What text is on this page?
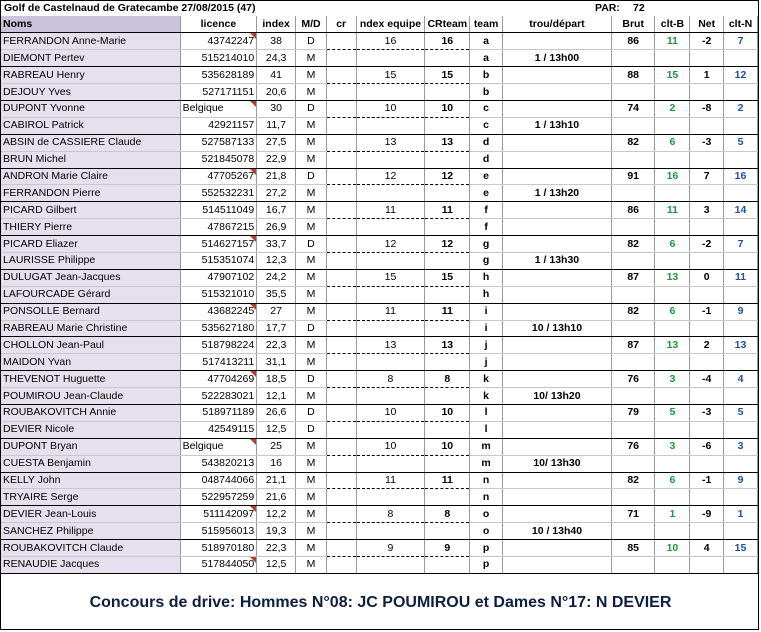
Golf de Castelnaud de Gratecambe 27/08/2015 (47)	PAR: 72
Noms	licence	index	M/D	cr	ndex equipe	CRteam	team	trou/départ	Brut	clt-B	Net	clt-N
FERRANDON Anne-Marie	43742247	38	D		16	16	a		86	11	-2	7
DIEMONT Pertev	515214010	24,3	M				a	1 / 13h00				
RABREAU Henry	535628189	41	M		15	15	b		88	15	1	12
DEJOUY Yves	527171151	20,6	M				b					
DUPONT Yvonne	Belgique	30	D		10	10	c		74	2	-8	2
CABIROL Patrick	42921157	11,7	M				c	1 / 13h10				
ABSIN de CASSIERE Claude	527587133	27,5	M		13	13	d		82	6	-3	5
BRUN Michel	521845078	22,9	M				d					
ANDRON Marie Claire	47705267	21,8	D		12	12	e		91	16	7	16
FERRANDON Pierre	552532231	27,2	M				e	1 / 13h20				
PICARD Gilbert	514511049	16,7	M		11	11	f		86	11	3	14
THIERY Pierre	47867215	26,9	M				f					
PICARD Eliazer	514627157	33,7	D		12	12	g		82	6	-2	7
LAURISSE Philippe	515351074	12,3	M				g	1 / 13h30				
DULUGAT Jean-Jacques	47907102	24,2	M		15	15	h		87	13	0	11
LAFOURCADE Gérard	515321010	35,5	M				h					
PONSOLLE Bernard	43682245	27	M		11	11	i		82	6	-1	9
RABREAU Marie Christine	535627180	17,7	D				i	10 / 13h10				
CHOLLON Jean-Paul	518798224	22,3	M		13	13	j		87	13	2	13
MAIDON Yvan	517413211	31,1	M				j					
THEVENOT Huguette	47704269	18,5	D		8	8	k		76	3	-4	4
POUMIROU Jean-Claude	522283021	12,1	M				k	10/ 13h20				
ROUBAKOVITCH Annie	518971189	26,6	D		10	10	l		79	5	-3	5
DEVIER Nicole	42549115	12,5	D				l					
DUPONT Bryan	Belgique	25	M		10	10	m		76	3	-6	3
CUESTA Benjamin	543820213	16	M				m	10/ 13h30				
KELLY John	048744066	21,1	M		11	11	n		82	6	-1	9
TRYAIRE Serge	522957259	21,6	M				n					
DEVIER Jean-Louis	511142097	12,2	M		8	8	o		71	1	-9	1
SANCHEZ Philippe	515956013	19,3	M				o	10 / 13h40				
ROUBAKOVITCH Claude	518970180	22,3	M		9	9	p		85	10	4	15
RENAUDIE Jacques	517844050	12,5	M				p					
Concours de drive: Hommes N°08: JC POUMIROU et Dames N°17: N DEVIER
